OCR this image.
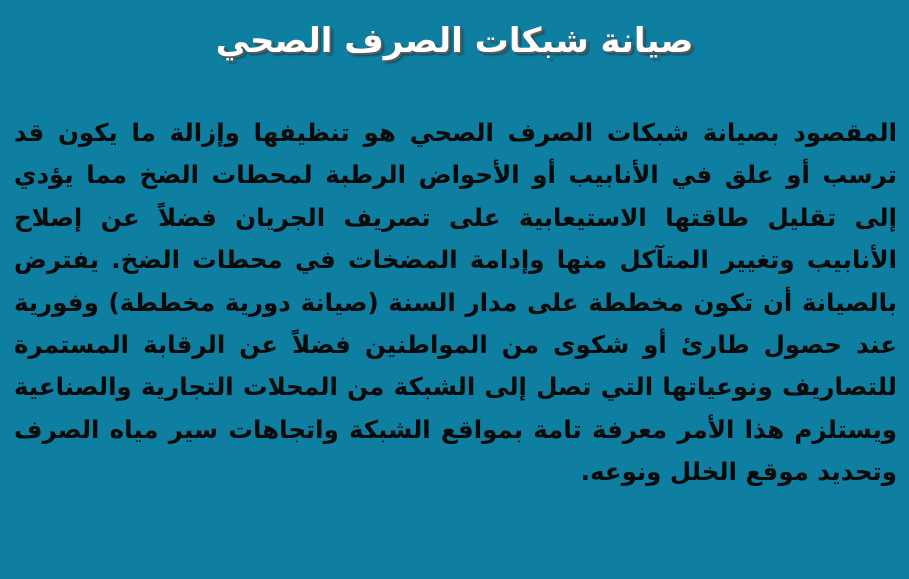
صيانة شبكات الصرف الصحي

المقصود بصيانة شبكات الصرف الصحي هو تنظيفها وإزالة ما يكون قد ترسب أو علق في الأنابيب أو الأحواض الرطبة لمحطات الضخ مما يؤدي إلى تقليل طاقتها الاستيعابية على تصريف الجريان فضلاً عن إصلاح الأنابيب وتغيير المتآكل منها وإدامة المضخات في محطات الضخ. يفترض بالصيانة أن تكون مخططة على مدار السنة (صيانة دورية مخططة) وفورية عند حصول طارئ أو شكوى من المواطنين فضلاً عن الرقابة المستمرة للتصاريف ونوعياتها التي تصل إلى الشبكة من المحلات التجارية والصناعية ويستلزم هذا الأمر معرفة تامة بمواقع الشبكة واتجاهات سير مياه الصرف وتحديد موقع الخلل ونوعه.
